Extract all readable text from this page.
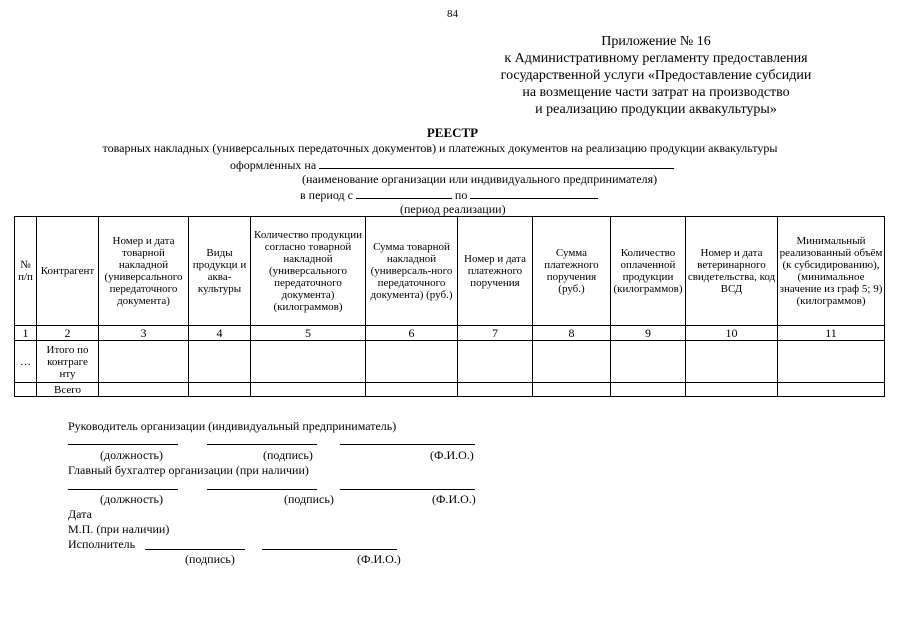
84
Приложение № 16
к Административному регламенту предоставления
государственной услуги «Предоставление субсидии
на возмещение части затрат на производство
и реализацию продукции аквакультуры»
РЕЕСТР
товарных накладных (универсальных передаточных документов) и платежных документов на реализацию продукции аквакультуры
оформленных на
(наименование организации или индивидуального предпринимателя)
в период с	по
(период реализации)
№ п/п	Контрагент	Номер и дата товарной накладной (универсального передаточного документа)	Виды продукци и аква-культуры	Количество продукции согласно товарной накладной (универсального передаточного документа) (килограммов)	Сумма товарной накладной (универсаль-ного передаточного документа) (руб.)	Номер и дата платежного поручения	Сумма платежного поручения (руб.)	Количество оплаченной продукции (килограммов)	Номер и дата ветеринарного свидетельства, код ВСД	Минимальный реализованный объём (к субсидированию), (минимальное значение из граф 5; 9) (килограммов)
1	2	3	4	5	6	7	8	9	10	11
…	Итого по контраге нту									
	Всего									
Руководитель организации (индивидуальный предприниматель)
(должность)	(подпись)	(Ф.И.О.)
Главный бухгалтер организации (при наличии)
(должность)	(подпись)	(Ф.И.О.)
Дата
М.П. (при наличии)
Исполнитель
(подпись)	(Ф.И.О.)
